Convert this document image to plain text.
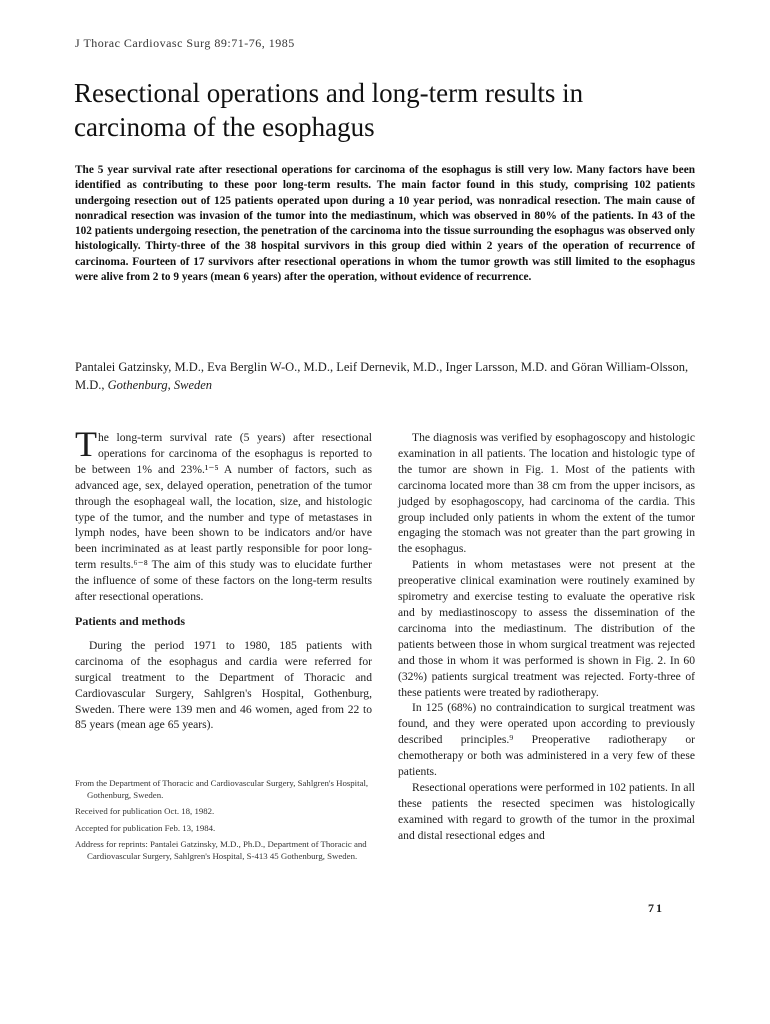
J Thorac Cardiovasc Surg 89:71-76, 1985
Resectional operations and long-term results in carcinoma of the esophagus

The 5 year survival rate after resectional operations for carcinoma of the esophagus is still very low. Many factors have been identified as contributing to these poor long-term results. The main factor found in this study, comprising 102 patients undergoing resection out of 125 patients operated upon during a 10 year period, was nonradical resection. The main cause of nonradical resection was invasion of the tumor into the mediastinum, which was observed in 80% of the patients. In 43 of the 102 patients undergoing resection, the penetration of the carcinoma into the tissue surrounding the esophagus was observed only histologically. Thirty-three of the 38 hospital survivors in this group died within 2 years of the operation of recurrence of carcinoma. Fourteen of 17 survivors after resectional operations in whom the tumor growth was still limited to the esophagus were alive from 2 to 9 years (mean 6 years) after the operation, without evidence of recurrence.

Pantalei Gatzinsky, M.D., Eva Berglin W-O., M.D., Leif Dernevik, M.D., Inger Larsson, M.D. and Göran William-Olsson, M.D., Gothenburg, Sweden

The long-term survival rate (5 years) after resectional operations for carcinoma of the esophagus is reported to be between 1% and 23%.¹⁻⁵ A number of factors, such as advanced age, sex, delayed operation, penetration of the tumor through the esophageal wall, the location, size, and histologic type of the tumor, and the number and type of metastases in lymph nodes, have been shown to be indicators and/or have been incriminated as at least partly responsible for poor long-term results.⁶⁻⁸ The aim of this study was to elucidate further the influence of some of these factors on the long-term results after resectional operations.

Patients and methods

During the period 1971 to 1980, 185 patients with carcinoma of the esophagus and cardia were referred for surgical treatment to the Department of Thoracic and Cardiovascular Surgery, Sahlgren's Hospital, Gothenburg, Sweden. There were 139 men and 46 women, aged from 22 to 85 years (mean age 65 years).

From the Department of Thoracic and Cardiovascular Surgery, Sahlgren's Hospital, Gothenburg, Sweden.

Received for publication Oct. 18, 1982.

Accepted for publication Feb. 13, 1984.

Address for reprints: Pantalei Gatzinsky, M.D., Ph.D., Department of Thoracic and Cardiovascular Surgery, Sahlgren's Hospital, S-413 45 Gothenburg, Sweden.

The diagnosis was verified by esophagoscopy and histologic examination in all patients. The location and histologic type of the tumor are shown in Fig. 1. Most of the patients with carcinoma located more than 38 cm from the upper incisors, as judged by esophagoscopy, had carcinoma of the cardia. This group included only patients in whom the extent of the tumor engaging the stomach was not greater than the part growing in the esophagus.

Patients in whom metastases were not present at the preoperative clinical examination were routinely examined by spirometry and exercise testing to evaluate the operative risk and by mediastinoscopy to assess the dissemination of the carcinoma into the mediastinum. The distribution of the patients between those in whom surgical treatment was rejected and those in whom it was performed is shown in Fig. 2. In 60 (32%) patients surgical treatment was rejected. Forty-three of these patients were treated by radiotherapy.

In 125 (68%) no contraindication to surgical treatment was found, and they were operated upon according to previously described principles.⁹ Preoperative radiotherapy or chemotherapy or both was administered in a very few of these patients.

Resectional operations were performed in 102 patients. In all these patients the resected specimen was histologically examined with regard to growth of the tumor in the proximal and distal resectional edges and

71
